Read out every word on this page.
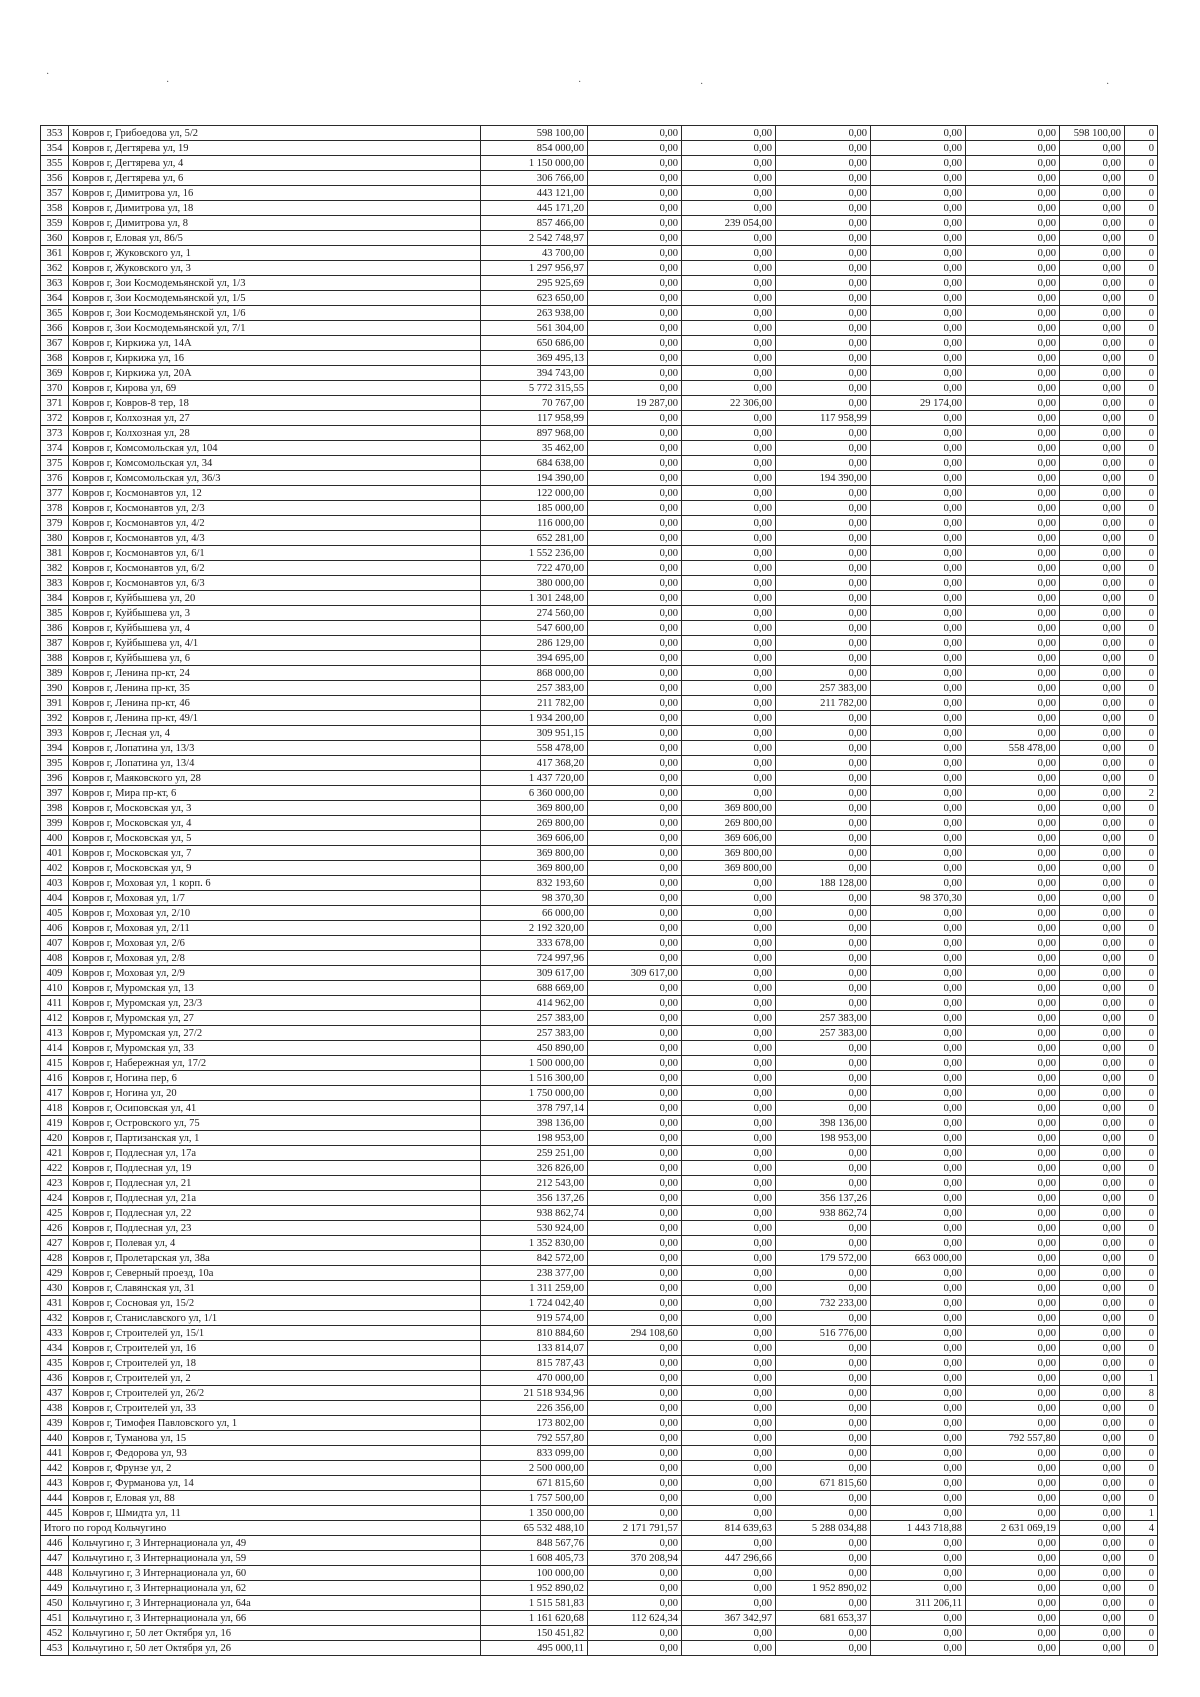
·
·	·	·	·
353	Ковров г, Грибоедова ул, 5/2	598 100,00	0,00	0,00	0,00	0,00	0,00	598 100,00	0
354	Ковров г, Дегтярева ул, 19	854 000,00	0,00	0,00	0,00	0,00	0,00	0,00	0
355	Ковров г, Дегтярева ул, 4	1 150 000,00	0,00	0,00	0,00	0,00	0,00	0,00	0
356	Ковров г, Дегтярева ул, 6	306 766,00	0,00	0,00	0,00	0,00	0,00	0,00	0
357	Ковров г, Димитрова ул, 16	443 121,00	0,00	0,00	0,00	0,00	0,00	0,00	0
358	Ковров г, Димитрова ул, 18	445 171,20	0,00	0,00	0,00	0,00	0,00	0,00	0
359	Ковров г, Димитрова ул, 8	857 466,00	0,00	239 054,00	0,00	0,00	0,00	0,00	0
360	Ковров г, Еловая ул, 86/5	2 542 748,97	0,00	0,00	0,00	0,00	0,00	0,00	0
361	Ковров г, Жуковского ул, 1	43 700,00	0,00	0,00	0,00	0,00	0,00	0,00	0
362	Ковров г, Жуковского ул, 3	1 297 956,97	0,00	0,00	0,00	0,00	0,00	0,00	0
363	Ковров г, Зои Космодемьянской ул, 1/3	295 925,69	0,00	0,00	0,00	0,00	0,00	0,00	0
364	Ковров г, Зои Космодемьянской ул, 1/5	623 650,00	0,00	0,00	0,00	0,00	0,00	0,00	0
365	Ковров г, Зои Космодемьянской ул, 1/6	263 938,00	0,00	0,00	0,00	0,00	0,00	0,00	0
366	Ковров г, Зои Космодемьянской ул, 7/1	561 304,00	0,00	0,00	0,00	0,00	0,00	0,00	0
367	Ковров г, Киркижа ул, 14А	650 686,00	0,00	0,00	0,00	0,00	0,00	0,00	0
368	Ковров г, Киркижа ул, 16	369 495,13	0,00	0,00	0,00	0,00	0,00	0,00	0
369	Ковров г, Киркижа ул, 20А	394 743,00	0,00	0,00	0,00	0,00	0,00	0,00	0
370	Ковров г, Кирова ул, 69	5 772 315,55	0,00	0,00	0,00	0,00	0,00	0,00	0
371	Ковров г, Ковров-8 тер, 18	70 767,00	19 287,00	22 306,00	0,00	29 174,00	0,00	0,00	0
372	Ковров г, Колхозная ул, 27	117 958,99	0,00	0,00	117 958,99	0,00	0,00	0,00	0
373	Ковров г, Колхозная ул, 28	897 968,00	0,00	0,00	0,00	0,00	0,00	0,00	0
374	Ковров г, Комсомольская ул, 104	35 462,00	0,00	0,00	0,00	0,00	0,00	0,00	0
375	Ковров г, Комсомольская ул, 34	684 638,00	0,00	0,00	0,00	0,00	0,00	0,00	0
376	Ковров г, Комсомольская ул, 36/3	194 390,00	0,00	0,00	194 390,00	0,00	0,00	0,00	0
377	Ковров г, Космонавтов ул, 12	122 000,00	0,00	0,00	0,00	0,00	0,00	0,00	0
378	Ковров г, Космонавтов ул, 2/3	185 000,00	0,00	0,00	0,00	0,00	0,00	0,00	0
379	Ковров г, Космонавтов ул, 4/2	116 000,00	0,00	0,00	0,00	0,00	0,00	0,00	0
380	Ковров г, Космонавтов ул, 4/3	652 281,00	0,00	0,00	0,00	0,00	0,00	0,00	0
381	Ковров г, Космонавтов ул, 6/1	1 552 236,00	0,00	0,00	0,00	0,00	0,00	0,00	0
382	Ковров г, Космонавтов ул, 6/2	722 470,00	0,00	0,00	0,00	0,00	0,00	0,00	0
383	Ковров г, Космонавтов ул, 6/3	380 000,00	0,00	0,00	0,00	0,00	0,00	0,00	0
384	Ковров г, Куйбышева ул, 20	1 301 248,00	0,00	0,00	0,00	0,00	0,00	0,00	0
385	Ковров г, Куйбышева ул, 3	274 560,00	0,00	0,00	0,00	0,00	0,00	0,00	0
386	Ковров г, Куйбышева ул, 4	547 600,00	0,00	0,00	0,00	0,00	0,00	0,00	0
387	Ковров г, Куйбышева ул, 4/1	286 129,00	0,00	0,00	0,00	0,00	0,00	0,00	0
388	Ковров г, Куйбышева ул, 6	394 695,00	0,00	0,00	0,00	0,00	0,00	0,00	0
389	Ковров г, Ленина пр-кт, 24	868 000,00	0,00	0,00	0,00	0,00	0,00	0,00	0
390	Ковров г, Ленина пр-кт, 35	257 383,00	0,00	0,00	257 383,00	0,00	0,00	0,00	0
391	Ковров г, Ленина пр-кт, 46	211 782,00	0,00	0,00	211 782,00	0,00	0,00	0,00	0
392	Ковров г, Ленина пр-кт, 49/1	1 934 200,00	0,00	0,00	0,00	0,00	0,00	0,00	0
393	Ковров г, Лесная ул, 4	309 951,15	0,00	0,00	0,00	0,00	0,00	0,00	0
394	Ковров г, Лопатина ул, 13/3	558 478,00	0,00	0,00	0,00	0,00	558 478,00	0,00	0
395	Ковров г, Лопатина ул, 13/4	417 368,20	0,00	0,00	0,00	0,00	0,00	0,00	0
396	Ковров г, Маяковского ул, 28	1 437 720,00	0,00	0,00	0,00	0,00	0,00	0,00	0
397	Ковров г, Мира пр-кт, 6	6 360 000,00	0,00	0,00	0,00	0,00	0,00	0,00	2
398	Ковров г, Московская ул, 3	369 800,00	0,00	369 800,00	0,00	0,00	0,00	0,00	0
399	Ковров г, Московская ул, 4	269 800,00	0,00	269 800,00	0,00	0,00	0,00	0,00	0
400	Ковров г, Московская ул, 5	369 606,00	0,00	369 606,00	0,00	0,00	0,00	0,00	0
401	Ковров г, Московская ул, 7	369 800,00	0,00	369 800,00	0,00	0,00	0,00	0,00	0
402	Ковров г, Московская ул, 9	369 800,00	0,00	369 800,00	0,00	0,00	0,00	0,00	0
403	Ковров г, Моховая ул, 1 корп. 6	832 193,60	0,00	0,00	188 128,00	0,00	0,00	0,00	0
404	Ковров г, Моховая ул, 1/7	98 370,30	0,00	0,00	0,00	98 370,30	0,00	0,00	0
405	Ковров г, Моховая ул, 2/10	66 000,00	0,00	0,00	0,00	0,00	0,00	0,00	0
406	Ковров г, Моховая ул, 2/11	2 192 320,00	0,00	0,00	0,00	0,00	0,00	0,00	0
407	Ковров г, Моховая ул, 2/6	333 678,00	0,00	0,00	0,00	0,00	0,00	0,00	0
408	Ковров г, Моховая ул, 2/8	724 997,96	0,00	0,00	0,00	0,00	0,00	0,00	0
409	Ковров г, Моховая ул, 2/9	309 617,00	309 617,00	0,00	0,00	0,00	0,00	0,00	0
410	Ковров г, Муромская ул, 13	688 669,00	0,00	0,00	0,00	0,00	0,00	0,00	0
411	Ковров г, Муромская ул, 23/3	414 962,00	0,00	0,00	0,00	0,00	0,00	0,00	0
412	Ковров г, Муромская ул, 27	257 383,00	0,00	0,00	257 383,00	0,00	0,00	0,00	0
413	Ковров г, Муромская ул, 27/2	257 383,00	0,00	0,00	257 383,00	0,00	0,00	0,00	0
414	Ковров г, Муромская ул, 33	450 890,00	0,00	0,00	0,00	0,00	0,00	0,00	0
415	Ковров г, Набережная ул, 17/2	1 500 000,00	0,00	0,00	0,00	0,00	0,00	0,00	0
416	Ковров г, Ногина пер, 6	1 516 300,00	0,00	0,00	0,00	0,00	0,00	0,00	0
417	Ковров г, Ногина ул, 20	1 750 000,00	0,00	0,00	0,00	0,00	0,00	0,00	0
418	Ковров г, Осиповская ул, 41	378 797,14	0,00	0,00	0,00	0,00	0,00	0,00	0
419	Ковров г, Островского ул, 75	398 136,00	0,00	0,00	398 136,00	0,00	0,00	0,00	0
420	Ковров г, Партизанская ул, 1	198 953,00	0,00	0,00	198 953,00	0,00	0,00	0,00	0
421	Ковров г, Подлесная ул, 17а	259 251,00	0,00	0,00	0,00	0,00	0,00	0,00	0
422	Ковров г, Подлесная ул, 19	326 826,00	0,00	0,00	0,00	0,00	0,00	0,00	0
423	Ковров г, Подлесная ул, 21	212 543,00	0,00	0,00	0,00	0,00	0,00	0,00	0
424	Ковров г, Подлесная ул, 21а	356 137,26	0,00	0,00	356 137,26	0,00	0,00	0,00	0
425	Ковров г, Подлесная ул, 22	938 862,74	0,00	0,00	938 862,74	0,00	0,00	0,00	0
426	Ковров г, Подлесная ул, 23	530 924,00	0,00	0,00	0,00	0,00	0,00	0,00	0
427	Ковров г, Полевая ул, 4	1 352 830,00	0,00	0,00	0,00	0,00	0,00	0,00	0
428	Ковров г, Пролетарская ул, 38а	842 572,00	0,00	0,00	179 572,00	663 000,00	0,00	0,00	0
429	Ковров г, Северный проезд, 10а	238 377,00	0,00	0,00	0,00	0,00	0,00	0,00	0
430	Ковров г, Славянская ул, 31	1 311 259,00	0,00	0,00	0,00	0,00	0,00	0,00	0
431	Ковров г, Сосновая ул, 15/2	1 724 042,40	0,00	0,00	732 233,00	0,00	0,00	0,00	0
432	Ковров г, Станиславского ул, 1/1	919 574,00	0,00	0,00	0,00	0,00	0,00	0,00	0
433	Ковров г, Строителей ул, 15/1	810 884,60	294 108,60	0,00	516 776,00	0,00	0,00	0,00	0
434	Ковров г, Строителей ул, 16	133 814,07	0,00	0,00	0,00	0,00	0,00	0,00	0
435	Ковров г, Строителей ул, 18	815 787,43	0,00	0,00	0,00	0,00	0,00	0,00	0
436	Ковров г, Строителей ул, 2	470 000,00	0,00	0,00	0,00	0,00	0,00	0,00	1
437	Ковров г, Строителей ул, 26/2	21 518 934,96	0,00	0,00	0,00	0,00	0,00	0,00	8
438	Ковров г, Строителей ул, 33	226 356,00	0,00	0,00	0,00	0,00	0,00	0,00	0
439	Ковров г, Тимофея Павловского ул, 1	173 802,00	0,00	0,00	0,00	0,00	0,00	0,00	0
440	Ковров г, Туманова ул, 15	792 557,80	0,00	0,00	0,00	0,00	792 557,80	0,00	0
441	Ковров г, Федорова ул, 93	833 099,00	0,00	0,00	0,00	0,00	0,00	0,00	0
442	Ковров г, Фрунзе ул, 2	2 500 000,00	0,00	0,00	0,00	0,00	0,00	0,00	0
443	Ковров г, Фурманова ул, 14	671 815,60	0,00	0,00	671 815,60	0,00	0,00	0,00	0
444	Ковров г, Еловая ул, 88	1 757 500,00	0,00	0,00	0,00	0,00	0,00	0,00	0
445	Ковров г, Шмидта ул, 11	1 350 000,00	0,00	0,00	0,00	0,00	0,00	0,00	1
Итого по город Кольчугино		65 532 488,10	2 171 791,57	814 639,63	5 288 034,88	1 443 718,88	2 631 069,19	0,00	4
446	Кольчугино г, 3 Интернационала ул, 49	848 567,76	0,00	0,00	0,00	0,00	0,00	0,00	0
447	Кольчугино г, 3 Интернационала ул, 59	1 608 405,73	370 208,94	447 296,66	0,00	0,00	0,00	0,00	0
448	Кольчугино г, 3 Интернационала ул, 60	100 000,00	0,00	0,00	0,00	0,00	0,00	0,00	0
449	Кольчугино г, 3 Интернационала ул, 62	1 952 890,02	0,00	0,00	1 952 890,02	0,00	0,00	0,00	0
450	Кольчугино г, 3 Интернационала ул, 64а	1 515 581,83	0,00	0,00	0,00	311 206,11	0,00	0,00	0
451	Кольчугино г, 3 Интернационала ул, 66	1 161 620,68	112 624,34	367 342,97	681 653,37	0,00	0,00	0,00	0
452	Кольчугино г, 50 лет Октября ул, 16	150 451,82	0,00	0,00	0,00	0,00	0,00	0,00	0
453	Кольчугино г, 50 лет Октября ул, 26	495 000,11	0,00	0,00	0,00	0,00	0,00	0,00	0
